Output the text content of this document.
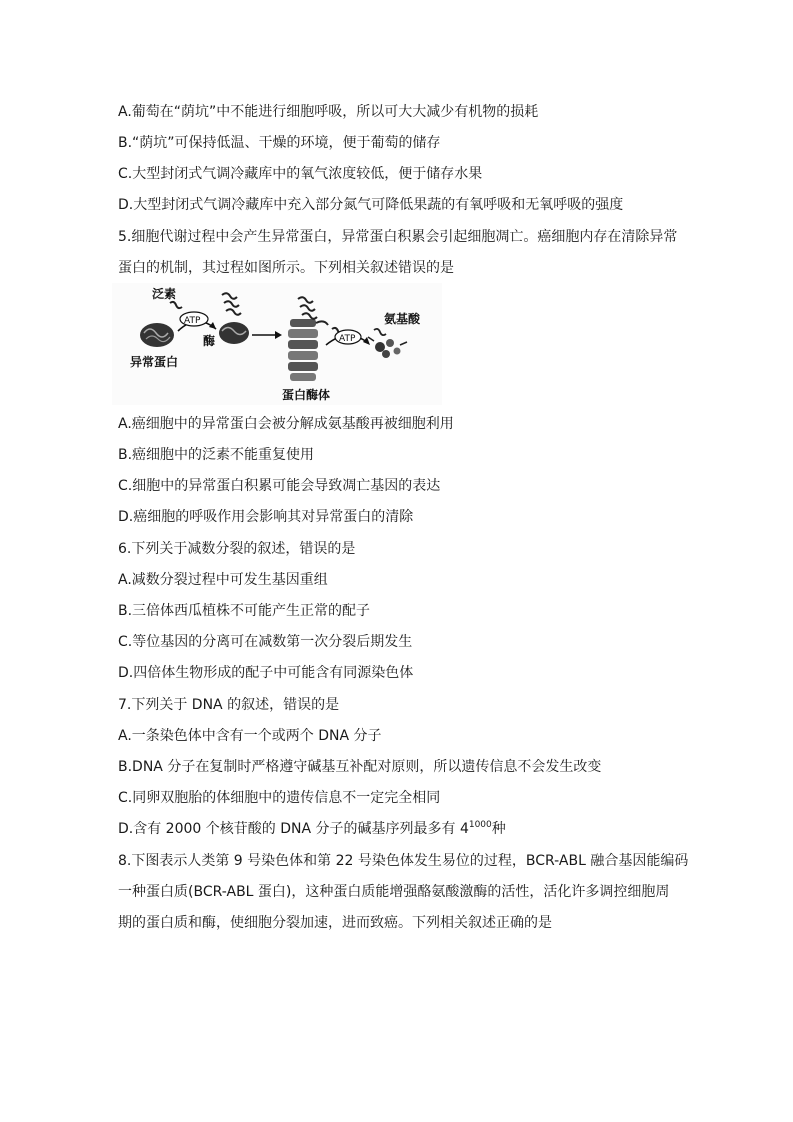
A.葡萄在“荫坑”中不能进行细胞呼吸，所以可大大减少有机物的损耗
B.“荫坑”可保持低温、干燥的环境，便于葡萄的储存
C.大型封闭式气调冷藏库中的氧气浓度较低，便于储存水果
D.大型封闭式气调冷藏库中充入部分氮气可降低果蔬的有氧呼吸和无氧呼吸的强度
5.细胞代谢过程中会产生异常蛋白，异常蛋白积累会引起细胞凋亡。癌细胞内存在清除异常
蛋白的机制，其过程如图所示。下列相关叙述错误的是
泛素
异常蛋白
ATP
酶
蛋白酶体
ATP
氨基酸
A.癌细胞中的异常蛋白会被分解成氨基酸再被细胞利用
B.癌细胞中的泛素不能重复使用
C.细胞中的异常蛋白积累可能会导致凋亡基因的表达
D.癌细胞的呼吸作用会影响其对异常蛋白的清除
6.下列关于减数分裂的叙述，错误的是
A.减数分裂过程中可发生基因重组
B.三倍体西瓜植株不可能产生正常的配子
C.等位基因的分离可在减数第一次分裂后期发生
D.四倍体生物形成的配子中可能含有同源染色体
7.下列关于 DNA 的叙述，错误的是
A.一条染色体中含有一个或两个 DNA 分子
B.DNA 分子在复制时严格遵守碱基互补配对原则，所以遗传信息不会发生改变
C.同卵双胞胎的体细胞中的遗传信息不一定完全相同
D.含有 2000 个核苷酸的 DNA 分子的碱基序列最多有 $4^{1000}$种
8.下图表示人类第 9 号染色体和第 22 号染色体发生易位的过程，BCR-ABL 融合基因能编码
一种蛋白质(BCR-ABL 蛋白)，这种蛋白质能增强酪氨酸激酶的活性，活化许多调控细胞周
期的蛋白质和酶，使细胞分裂加速，进而致癌。下列相关叙述正确的是
